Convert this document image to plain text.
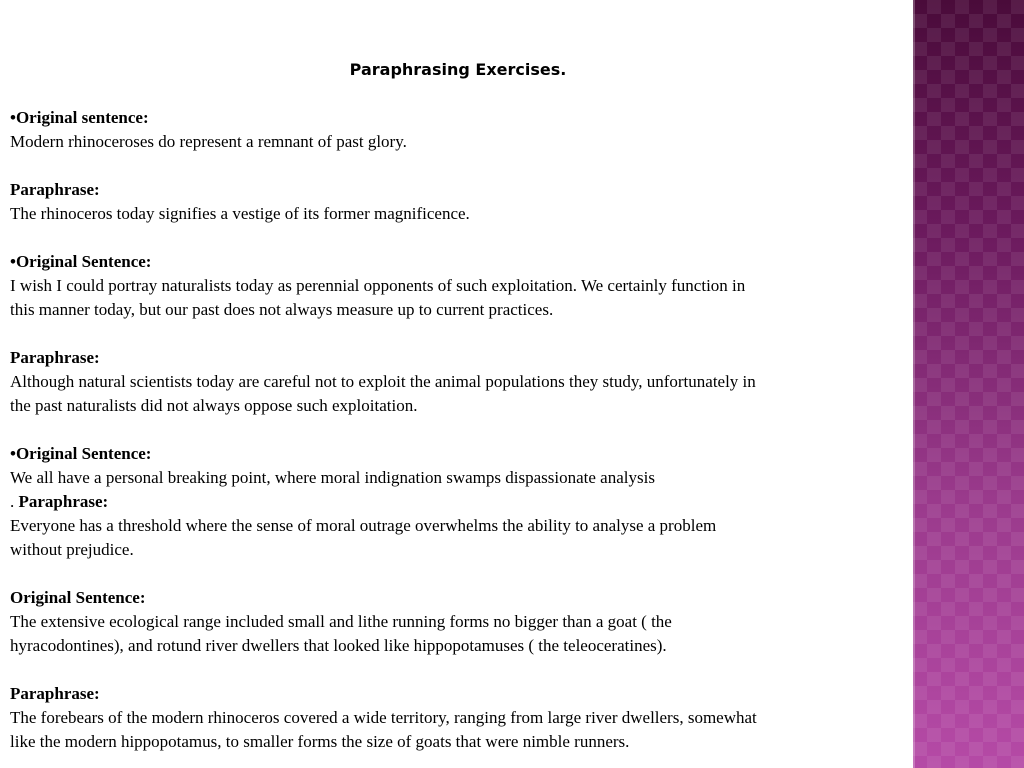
Paraphrasing Exercises.
•Original sentence:
Modern rhinoceroses do represent a remnant of past glory.
Paraphrase:
The rhinoceros today signifies a vestige of its former magnificence.
•Original Sentence:
I wish I could portray naturalists today as perennial opponents of such exploitation. We certainly function in
this manner today, but our past does not always measure up to current practices.
Paraphrase:
Although natural scientists today are careful not to exploit the animal populations they study, unfortunately in
the past naturalists did not always oppose such exploitation.
•Original Sentence:
We all have a personal breaking point, where moral indignation swamps dispassionate analysis
. Paraphrase:
Everyone has a threshold where the sense of moral outrage overwhelms the ability to analyse a problem
without prejudice.
Original Sentence:
The extensive ecological range included small and lithe running forms no bigger than a goat ( the
hyracodontines), and rotund river dwellers that looked like hippopotamuses ( the teleoceratines).
Paraphrase:
The forebears of the modern rhinoceros covered a wide territory, ranging from large river dwellers, somewhat
like the modern hippopotamus, to smaller forms the size of goats that were nimble runners.
